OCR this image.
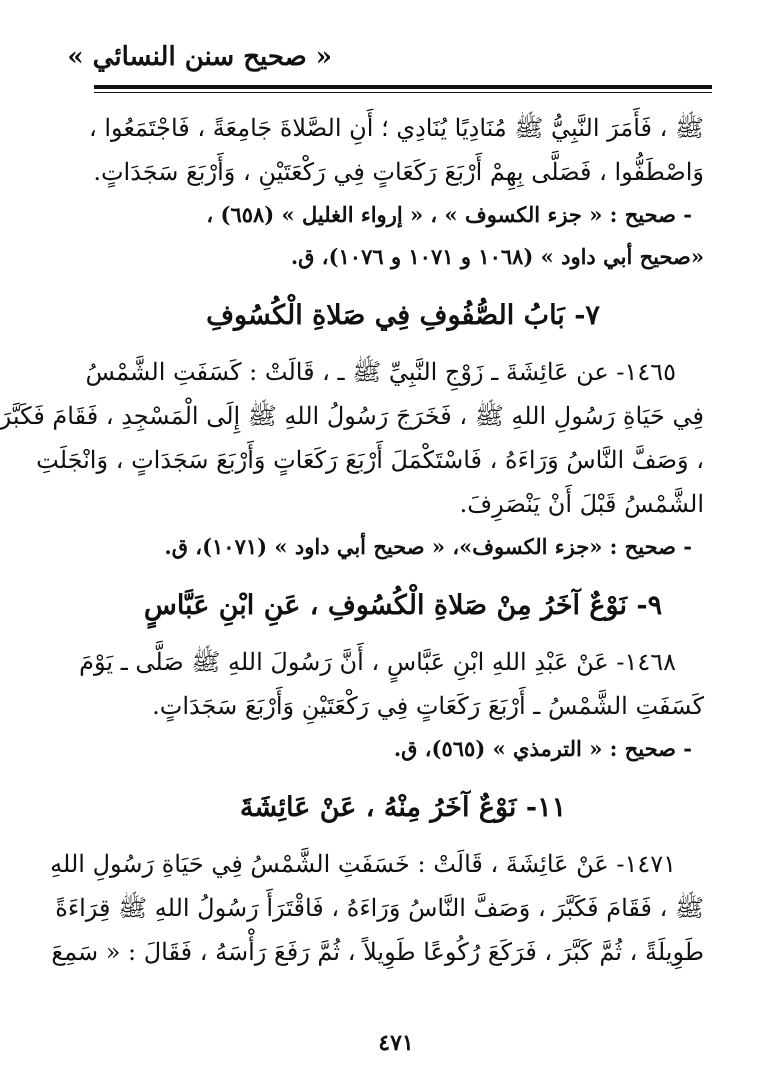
« صحيح سنن النسائي »
ﷺ ، فَأَمَرَ النَّبِيُّ ﷺ مُنَادِيًا يُنَادِي ؛ أَنِ الصَّلاةَ جَامِعَةً ، فَاجْتَمَعُوا ،
وَاصْطَفُّوا ، فَصَلَّى بِهِمْ أَرْبَعَ رَكَعَاتٍ فِي رَكْعَتَيْنِ ، وَأَرْبَعَ سَجَدَاتٍ.
- صحيح : « جزء الكسوف » ، « إرواء الغليل » (٦٥٨) ،
«صحيح أبي داود » (١٠٦٨ و ١٠٧١ و ١٠٧٦)، ق.
٧- بَابُ الصُّفُوفِ فِي صَلاةِ الْكُسُوفِ
١٤٦٥- عن عَائِشَةَ ـ زَوْجِ النَّبِيِّ ﷺ ـ ، قَالَتْ : كَسَفَتِ الشَّمْسُ
فِي حَيَاةِ رَسُولِ اللهِ ﷺ ، فَخَرَجَ رَسُولُ اللهِ ﷺ إِلَى الْمَسْجِدِ ، فَقَامَ فَكَبَّرَ
، وَصَفَّ النَّاسُ وَرَاءَهُ ، فَاسْتَكْمَلَ أَرْبَعَ رَكَعَاتٍ وَأَرْبَعَ سَجَدَاتٍ ، وَانْجَلَتِ
الشَّمْسُ قَبْلَ أَنْ يَنْصَرِفَ.
- صحيح : «جزء الكسوف»، « صحيح أبي داود » (١٠٧١)، ق.
٩- نَوْعٌ آخَرُ مِنْ صَلاةِ الْكُسُوفِ ، عَنِ ابْنِ عَبَّاسٍ
١٤٦٨- عَنْ عَبْدِ اللهِ ابْنِ عَبَّاسٍ ، أَنَّ رَسُولَ اللهِ ﷺ صَلَّى ـ يَوْمَ
كَسَفَتِ الشَّمْسُ ـ أَرْبَعَ رَكَعَاتٍ فِي رَكْعَتَيْنِ وَأَرْبَعَ سَجَدَاتٍ.
- صحيح : « الترمذي » (٥٦٥)، ق.
١١- نَوْعٌ آخَرُ مِنْهُ ، عَنْ عَائِشَةَ
١٤٧١- عَنْ عَائِشَةَ ، قَالَتْ : خَسَفَتِ الشَّمْسُ فِي حَيَاةِ رَسُولِ اللهِ
ﷺ ، فَقَامَ فَكَبَّرَ ، وَصَفَّ النَّاسُ وَرَاءَهُ ، فَاقْتَرَأَ رَسُولُ اللهِ ﷺ قِرَاءَةً
طَوِيلَةً ، ثُمَّ كَبَّرَ ، فَرَكَعَ رُكُوعًا طَوِيلاً ، ثُمَّ رَفَعَ رَأْسَهُ ، فَقَالَ : « سَمِعَ
٤٧١
